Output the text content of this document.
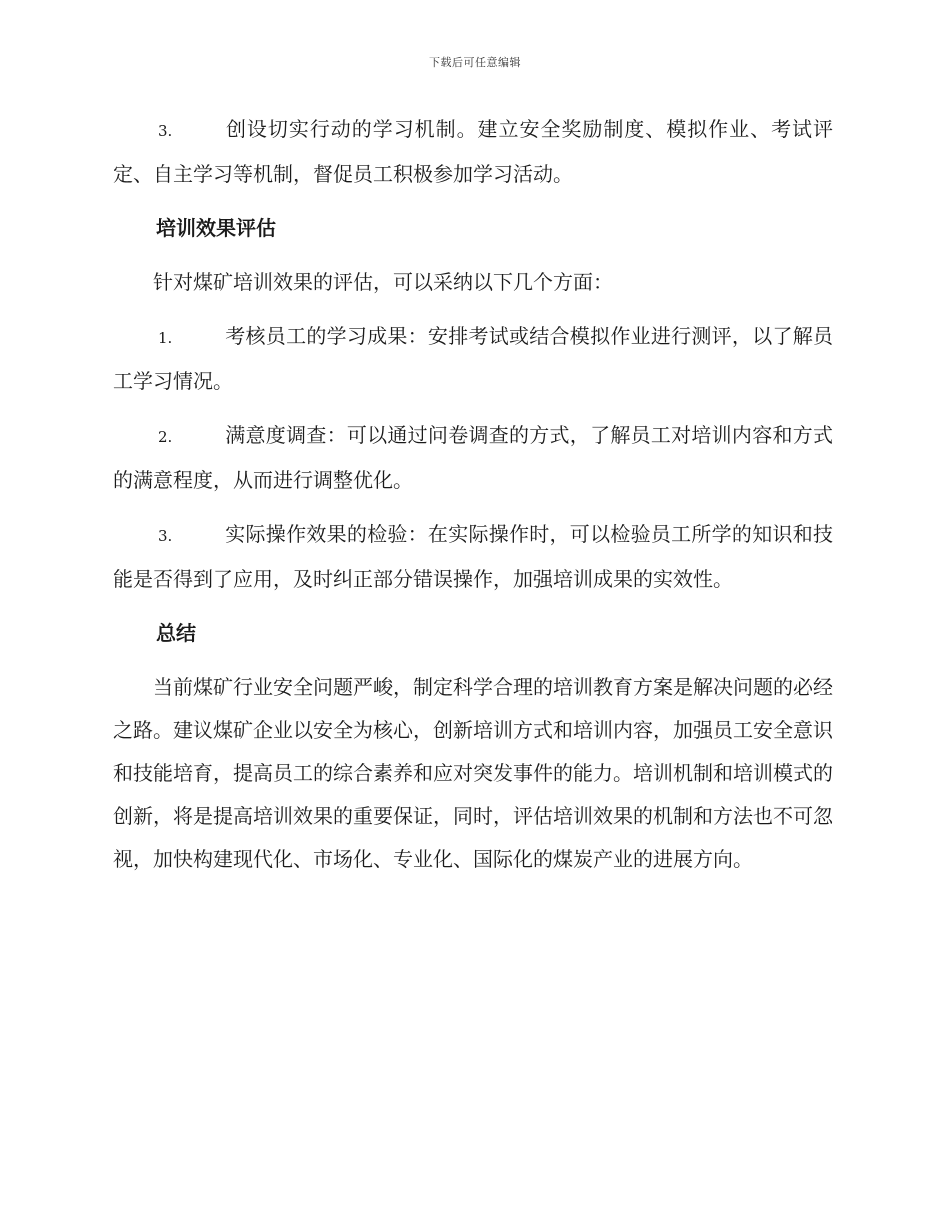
下载后可任意编辑

3.	创设切实行动的学习机制。建立安全奖励制度、模拟作业、考试评定、自主学习等机制，督促员工积极参加学习活动。

培训效果评估

针对煤矿培训效果的评估，可以采纳以下几个方面：

1.	考核员工的学习成果：安排考试或结合模拟作业进行测评，以了解员工学习情况。

2.	满意度调查：可以通过问卷调查的方式，了解员工对培训内容和方式的满意程度，从而进行调整优化。

3.	实际操作效果的检验：在实际操作时，可以检验员工所学的知识和技能是否得到了应用，及时纠正部分错误操作，加强培训成果的实效性。

总结

当前煤矿行业安全问题严峻，制定科学合理的培训教育方案是解决问题的必经之路。建议煤矿企业以安全为核心，创新培训方式和培训内容，加强员工安全意识和技能培育，提高员工的综合素养和应对突发事件的能力。培训机制和培训模式的创新，将是提高培训效果的重要保证，同时，评估培训效果的机制和方法也不可忽视，加快构建现代化、市场化、专业化、国际化的煤炭产业的进展方向。
